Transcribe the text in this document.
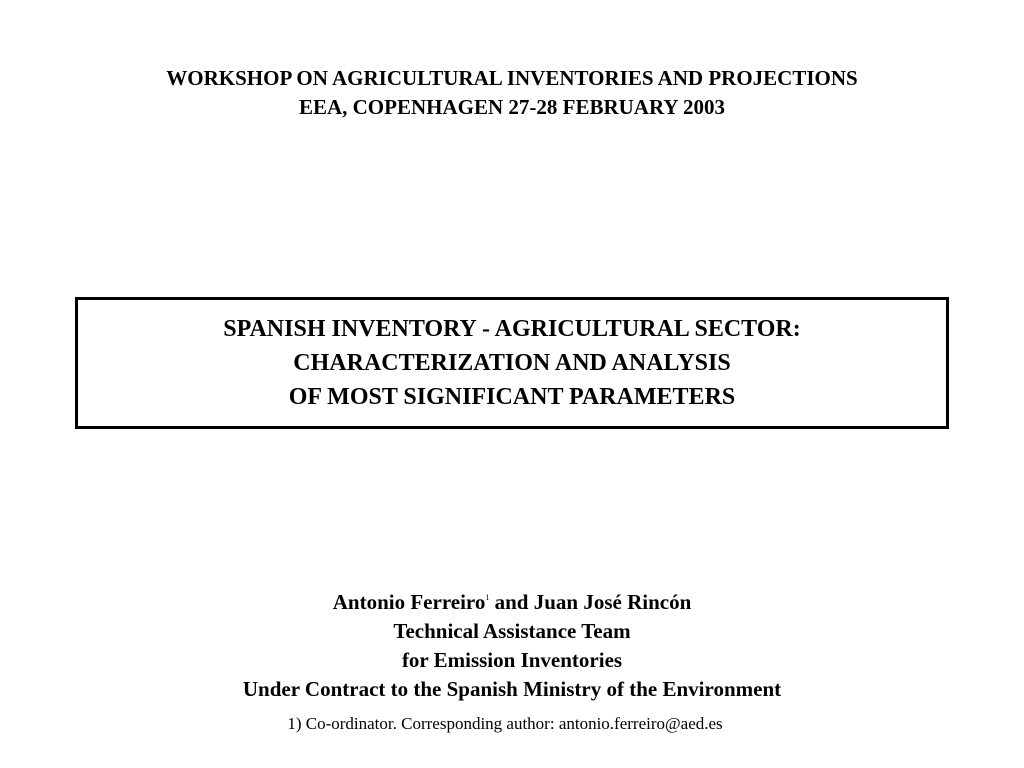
WORKSHOP ON AGRICULTURAL INVENTORIES AND PROJECTIONS
EEA, COPENHAGEN 27-28 FEBRUARY 2003
SPANISH INVENTORY - AGRICULTURAL SECTOR:
CHARACTERIZATION AND ANALYSIS
OF MOST SIGNIFICANT PARAMETERS
Antonio Ferreiro$^1$ and Juan José Rincón
Technical Assistance Team
for Emission Inventories
Under Contract to the Spanish Ministry of the Environment
1) Co-ordinator. Corresponding author: antonio.ferreiro@aed.es
